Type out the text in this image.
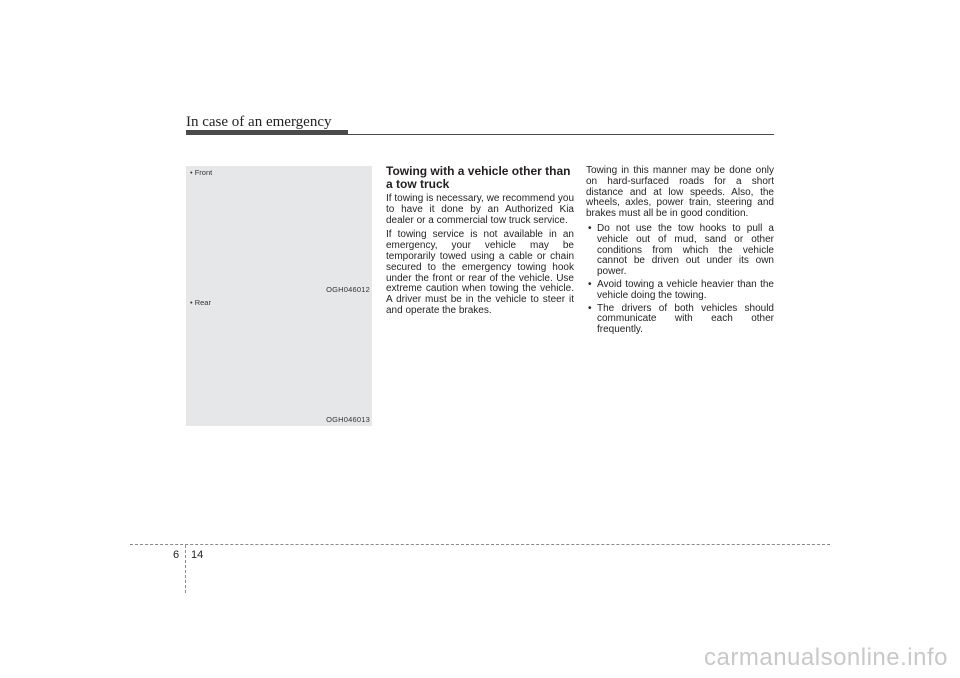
In case of an emergency
• Front
OGH046012
• Rear
OGH046013
Towing with a vehicle other than a tow truck

If towing is necessary, we recommend you to have it done by an Authorized Kia dealer or a commercial tow truck service.

If towing service is not available in an emergency, your vehicle may be temporarily towed using a cable or chain secured to the emergency towing hook under the front or rear of the vehicle. Use extreme caution when towing the vehicle. A driver must be in the vehicle to steer it and operate the brakes.

Towing in this manner may be done only on hard-surfaced roads for a short distance and at low speeds. Also, the wheels, axles, power train, steering and brakes must all be in good condition.

• Do not use the tow hooks to pull a vehicle out of mud, sand or other conditions from which the vehicle cannot be driven out under its own power.
• Avoid towing a vehicle heavier than the vehicle doing the towing.
• The drivers of both vehicles should communicate with each other frequently.
6 14
carmanualsonline.info
